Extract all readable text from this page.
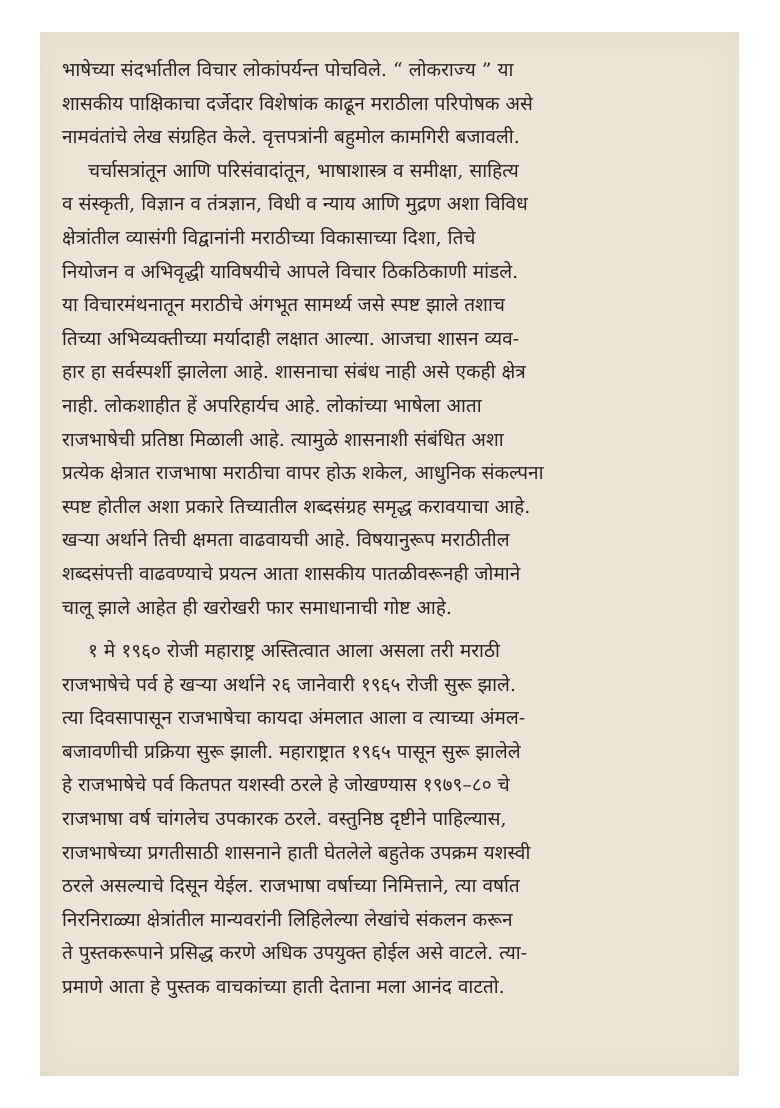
भाषेच्या संदर्भातील विचार लोकांपर्यन्त पोचविले. “ लोकराज्य ” या
शासकीय पाक्षिकाचा दर्जेदार विशेषांक काढून मराठीला परिपोषक असे
नामवंतांचे लेख संग्रहित केले. वृत्तपत्रांनी बहुमोल कामगिरी बजावली.
चर्चासत्रांतून आणि परिसंवादांतून, भाषाशास्त्र व समीक्षा, साहित्य
व संस्कृती, विज्ञान व तंत्रज्ञान, विधी व न्याय आणि मुद्रण अशा विविध
क्षेत्रांतील व्यासंगी विद्वानांनी मराठीच्या विकासाच्या दिशा, तिचे
नियोजन व अभिवृद्धी याविषयीचे आपले विचार ठिकठिकाणी मांडले.
या विचारमंथनातून मराठीचे अंगभूत सामर्थ्य जसे स्पष्ट झाले तशाच
तिच्या अभिव्यक्तीच्या मर्यादाही लक्षात आल्या. आजचा शासन व्यव-
हार हा सर्वस्पर्शी झालेला आहे. शासनाचा संबंध नाही असे एकही क्षेत्र
नाही. लोकशाहीत हें अपरिहार्यच आहे. लोकांच्या भाषेला आता
राजभाषेची प्रतिष्ठा मिळाली आहे. त्यामुळे शासनाशी संबंधित अशा
प्रत्येक क्षेत्रात राजभाषा मराठीचा वापर होऊ शकेल, आधुनिक संकल्पना
स्पष्ट होतील अशा प्रकारे तिच्यातील शब्दसंग्रह समृद्ध करावयाचा आहे.
खऱ्या अर्थाने तिची क्षमता वाढवायची आहे. विषयानुरूप मराठीतील
शब्दसंपत्ती वाढवण्याचे प्रयत्न आता शासकीय पातळीवरूनही जोमाने
चालू झाले आहेत ही खरोखरी फार समाधानाची गोष्ट आहे.
१ मे १९६० रोजी महाराष्ट्र अस्तित्वात आला असला तरी मराठी
राजभाषेचे पर्व हे खऱ्या अर्थाने २६ जानेवारी १९६५ रोजी सुरू झाले.
त्या दिवसापासून राजभाषेचा कायदा अंमलात आला व त्याच्या अंमल-
बजावणीची प्रक्रिया सुरू झाली. महाराष्ट्रात १९६५ पासून सुरू झालेले
हे राजभाषेचे पर्व कितपत यशस्वी ठरले हे जोखण्यास १९७९–८० चे
राजभाषा वर्ष चांगलेच उपकारक ठरले. वस्तुनिष्ठ दृष्टीने पाहिल्यास,
राजभाषेच्या प्रगतीसाठी शासनाने हाती घेतलेले बहुतेक उपक्रम यशस्वी
ठरले असल्याचे दिसून येईल. राजभाषा वर्षाच्या निमित्ताने, त्या वर्षात
निरनिराळ्या क्षेत्रांतील मान्यवरांनी लिहिलेल्या लेखांचे संकलन करून
ते पुस्तकरूपाने प्रसिद्ध करणे अधिक उपयुक्त होईल असे वाटले. त्या-
प्रमाणे आता हे पुस्तक वाचकांच्या हाती देताना मला आनंद वाटतो.
